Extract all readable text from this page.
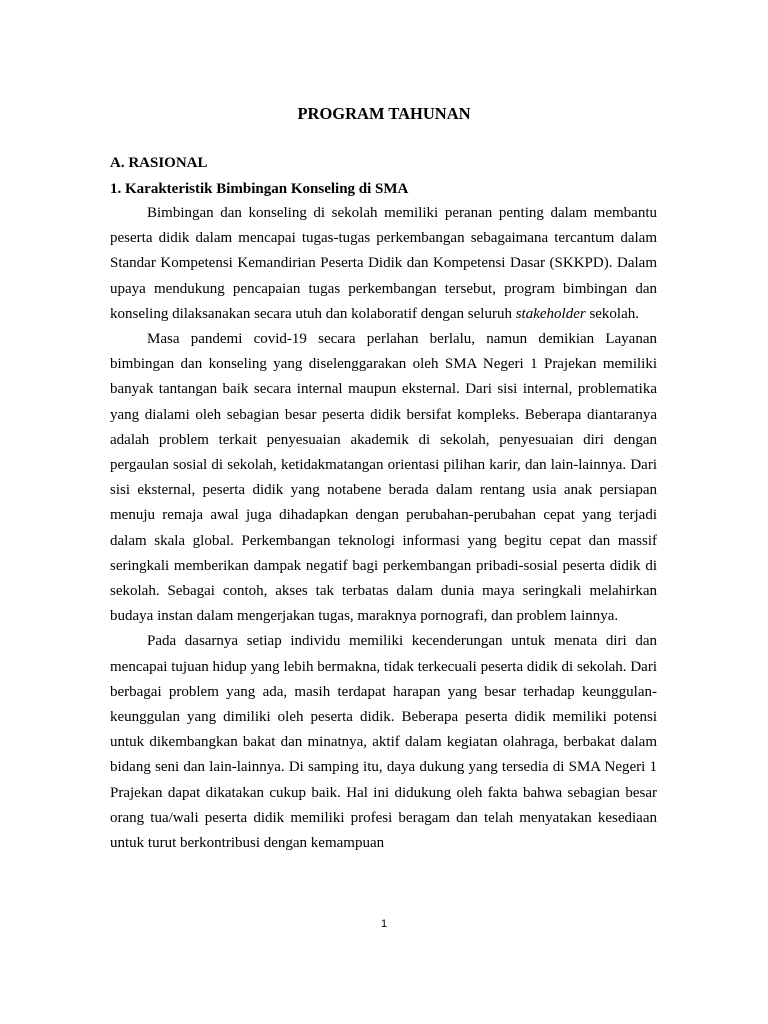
PROGRAM TAHUNAN
A. RASIONAL
1. Karakteristik Bimbingan Konseling di SMA

Bimbingan dan konseling di sekolah memiliki peranan penting dalam membantu peserta didik dalam mencapai tugas-tugas perkembangan sebagaimana tercantum dalam Standar Kompetensi Kemandirian Peserta Didik dan Kompetensi Dasar (SKKPD). Dalam upaya mendukung pencapaian tugas perkembangan tersebut, program bimbingan dan konseling dilaksanakan secara utuh dan kolaboratif dengan seluruh stakeholder sekolah.

Masa pandemi covid-19 secara perlahan berlalu, namun demikian Layanan bimbingan dan konseling yang diselenggarakan oleh SMA Negeri 1 Prajekan memiliki banyak tantangan baik secara internal maupun eksternal. Dari sisi internal, problematika yang dialami oleh sebagian besar peserta didik bersifat kompleks. Beberapa diantaranya adalah problem terkait penyesuaian akademik di sekolah, penyesuaian diri dengan pergaulan sosial di sekolah, ketidakmatangan orientasi pilihan karir, dan lain-lainnya. Dari sisi eksternal, peserta didik yang notabene berada dalam rentang usia anak persiapan menuju remaja awal juga dihadapkan dengan perubahan-perubahan cepat yang terjadi dalam skala global. Perkembangan teknologi informasi yang begitu cepat dan massif seringkali memberikan dampak negatif bagi perkembangan pribadi-sosial peserta didik di sekolah. Sebagai contoh, akses tak terbatas dalam dunia maya seringkali melahirkan budaya instan dalam mengerjakan tugas, maraknya pornografi, dan problem lainnya.

Pada dasarnya setiap individu memiliki kecenderungan untuk menata diri dan mencapai tujuan hidup yang lebih bermakna, tidak terkecuali peserta didik di sekolah. Dari berbagai problem yang ada, masih terdapat harapan yang besar terhadap keunggulan-keunggulan yang dimiliki oleh peserta didik. Beberapa peserta didik memiliki potensi untuk dikembangkan bakat dan minatnya, aktif dalam kegiatan olahraga, berbakat dalam bidang seni dan lain-lainnya. Di samping itu, daya dukung yang tersedia di SMA Negeri 1 Prajekan dapat dikatakan cukup baik. Hal ini didukung oleh fakta bahwa sebagian besar orang tua/wali peserta didik memiliki profesi beragam dan telah menyatakan kesediaan untuk turut berkontribusi dengan kemampuan

1
